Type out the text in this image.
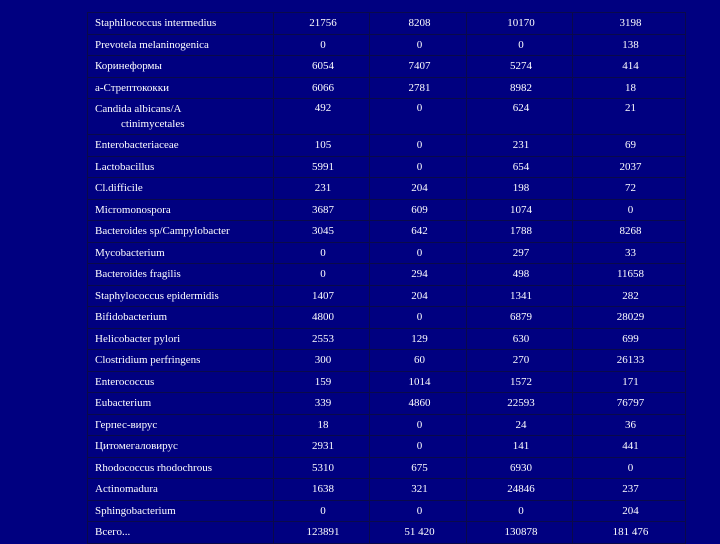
Staphilococcus intermedius	21756	8208	10170	3198
Prevotela melaninogenica	0	0	0	138
Коринеформы	6054	7407	5274	414
a-Стрептококки	6066	2781	8982	18
Candida albicans/A
ctinimycetales	492	0	624	21
Enterobacteriaceae	105	0	231	69
Lactobacillus	5991	0	654	2037
Cl.difficile	231	204	198	72
Micromonospora	3687	609	1074	0
Bacteroides sp/Campylobacter	3045	642	1788	8268
Mycobacterium	0	0	297	33
Bacteroides fragilis	0	294	498	11658
Staphylococcus epidermidis	1407	204	1341	282
Bifidobacterium	4800	0	6879	28029
Helicobacter pylori	2553	129	630	699
Clostridium perfringens	300	60	270	26133
Enterococcus	159	1014	1572	171
Eubacterium	339	4860	22593	76797
Герпес-вирус	18	0	24	36
Цитомегаловирус	2931	0	141	441
Rhodococcus rhodochrous	5310	675	6930	0
Actinomadura	1638	321	24846	237
Sphingobacterium	0	0	0	204
Всего...	123891	51 420	130878	181 476
